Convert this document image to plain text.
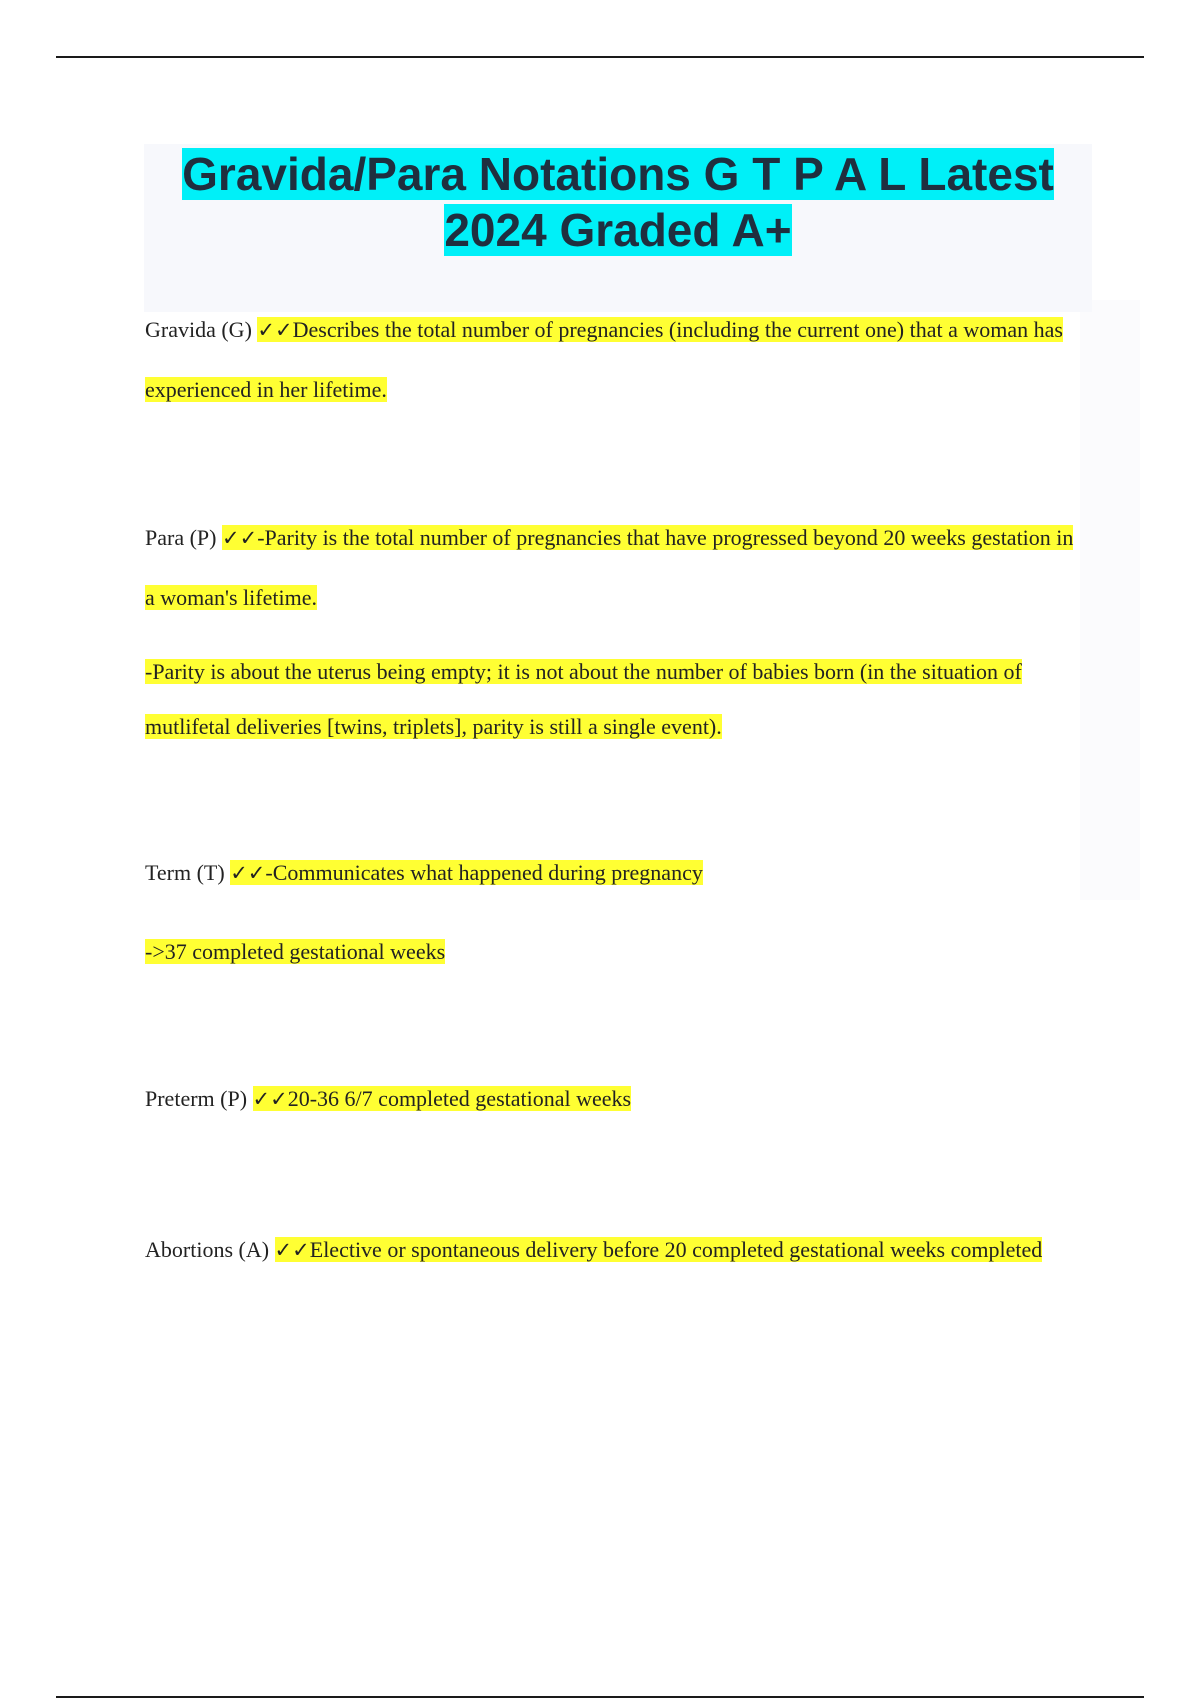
Gravida/Para Notations G T P A L Latest 2024 Graded A+

Gravida (G) ✓✓Describes the total number of pregnancies (including the current one) that a woman has experienced in her lifetime.

Para (P) ✓✓-Parity is the total number of pregnancies that have progressed beyond 20 weeks gestation in a woman's lifetime.

-Parity is about the uterus being empty; it is not about the number of babies born (in the situation of mutlifetal deliveries [twins, triplets], parity is still a single event).

Term (T) ✓✓-Communicates what happened during pregnancy

->37 completed gestational weeks

Preterm (P) ✓✓20-36 6/7 completed gestational weeks

Abortions (A) ✓✓Elective or spontaneous delivery before 20 completed gestational weeks completed
